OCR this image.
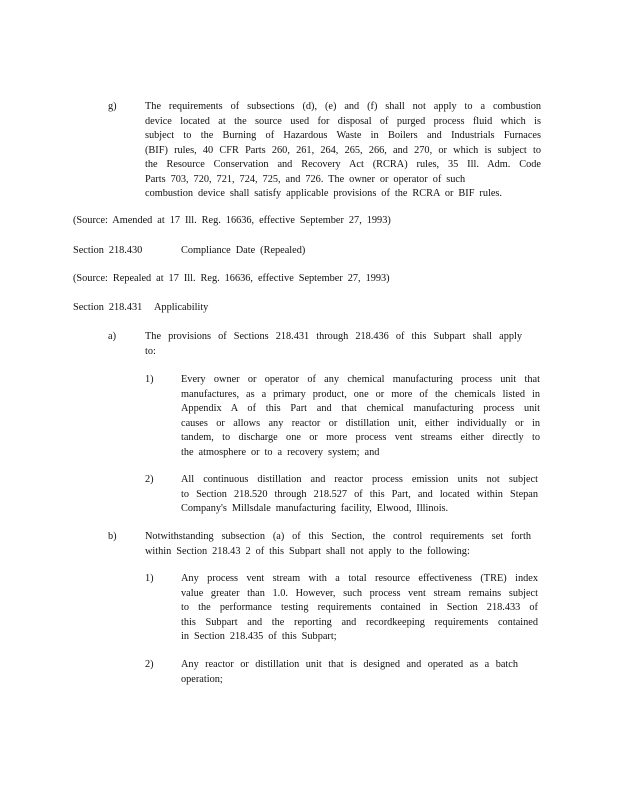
g)	The requirements of subsections (d), (e) and (f) shall not apply to a combustion
device located at the source used for disposal of purged process fluid which is
subject to the Burning of Hazardous Waste in Boilers and Industrials Furnaces
(BIF) rules, 40 CFR Parts 260, 261, 264, 265, 266, and 270, or which is subject to
the Resource Conservation and Recovery Act (RCRA) rules, 35 Ill. Adm. Code
Parts 703, 720, 721, 724, 725, and 726. The owner or operator of such
combustion device shall satisfy applicable provisions of the RCRA or BIF rules.
(Source: Amended at 17 Ill. Reg. 16636, effective September 27, 1993)
Section 218.430	Compliance Date (Repealed)
(Source: Repealed at 17 Ill. Reg. 16636, effective September 27, 1993)
Section 218.431 Applicability
a)	The provisions of Sections 218.431 through 218.436 of this Subpart shall apply
to:
1)	Every owner or operator of any chemical manufacturing process unit that
manufactures, as a primary product, one or more of the chemicals listed in
Appendix A of this Part and that chemical manufacturing process unit
causes or allows any reactor or distillation unit, either individually or in
tandem, to discharge one or more process vent streams either directly to
the atmosphere or to a recovery system; and
2)	All continuous distillation and reactor process emission units not subject
to Section 218.520 through 218.527 of this Part, and located within Stepan
Company's Millsdale manufacturing facility, Elwood, Illinois.
b)	Notwithstanding subsection (a) of this Section, the control requirements set forth
within Section 218.43 2 of this Subpart shall not apply to the following:
1)	Any process vent stream with a total resource effectiveness (TRE) index
value greater than 1.0. However, such process vent stream remains subject
to the performance testing requirements contained in Section 218.433 of
this Subpart and the reporting and recordkeeping requirements contained
in Section 218.435 of this Subpart;
2)	Any reactor or distillation unit that is designed and operated as a batch
operation;
